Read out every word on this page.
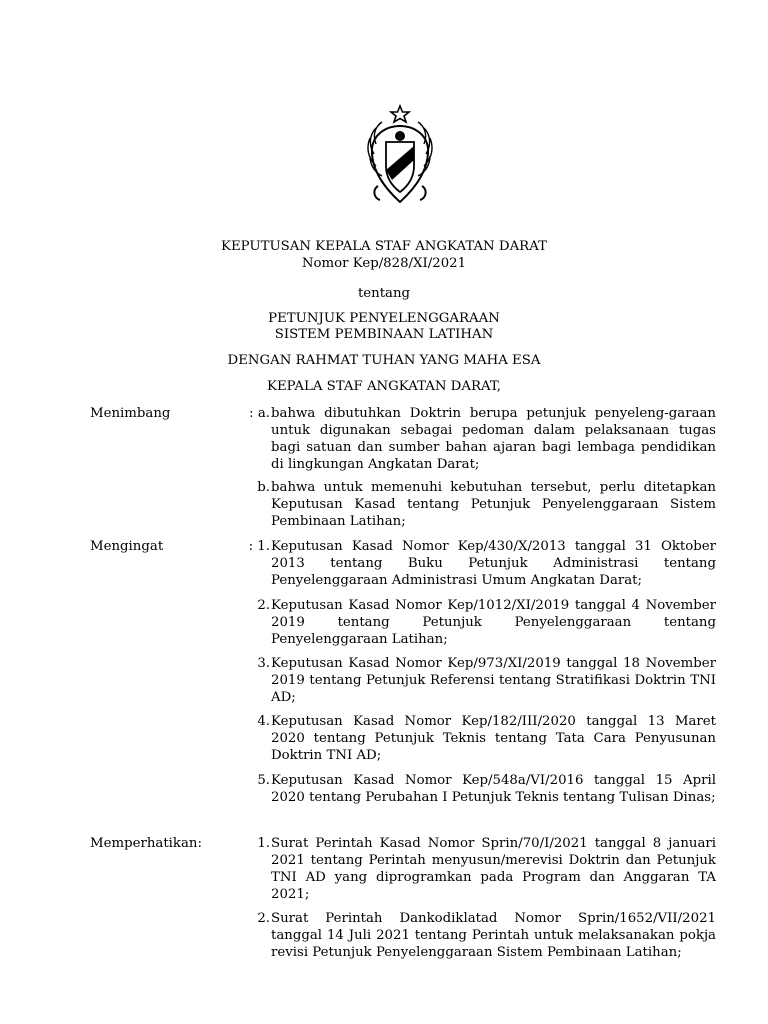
KEPUTUSAN KEPALA STAF ANGKATAN DARAT
Nomor Kep/828/XI/2021
tentang
PETUNJUK PENYELENGGARAAN
SISTEM PEMBINAAN LATIHAN
DENGAN RAHMAT TUHAN YANG MAHA ESA
KEPALA STAF ANGKATAN DARAT,
Menimbang	: a. bahwa dibutuhkan Doktrin berupa petunjuk penyeleng-garaan untuk digunakan sebagai pedoman dalam pelaksanaan tugas bagi satuan dan sumber bahan ajaran bagi lembaga pendidikan di lingkungan Angkatan Darat;
b. bahwa untuk memenuhi kebutuhan tersebut, perlu ditetapkan Keputusan Kasad tentang Petunjuk Penyelenggaraan Sistem Pembinaan Latihan;
Mengingat	: 1. Keputusan Kasad Nomor Kep/430/X/2013 tanggal 31 Oktober 2013 tentang Buku Petunjuk Administrasi tentang Penyelenggaraan Administrasi Umum Angkatan Darat;
2. Keputusan Kasad Nomor Kep/1012/XI/2019 tanggal 4 November 2019 tentang Petunjuk Penyelenggaraan tentang Penyelenggaraan Latihan;
3. Keputusan Kasad Nomor Kep/973/XI/2019 tanggal 18 November 2019 tentang Petunjuk Referensi tentang Stratifikasi Doktrin TNI AD;
4. Keputusan Kasad Nomor Kep/182/III/2020 tanggal 13 Maret 2020 tentang Petunjuk Teknis tentang Tata Cara Penyusunan Doktrin TNI AD;
5. Keputusan Kasad Nomor Kep/548a/VI/2016 tanggal 15 April 2020 tentang Perubahan I Petunjuk Teknis tentang Tulisan Dinas;
Memperhatikan:	1. Surat Perintah Kasad Nomor Sprin/70/I/2021 tanggal 8 januari 2021 tentang Perintah menyusun/merevisi Doktrin dan Petunjuk TNI AD yang diprogramkan pada Program dan Anggaran TA 2021;
2. Surat Perintah Dankodiklatad Nomor Sprin/1652/VII/2021 tanggal 14 Juli 2021 tentang Perintah untuk melaksanakan pokja revisi Petunjuk Penyelenggaraan Sistem Pembinaan Latihan;
